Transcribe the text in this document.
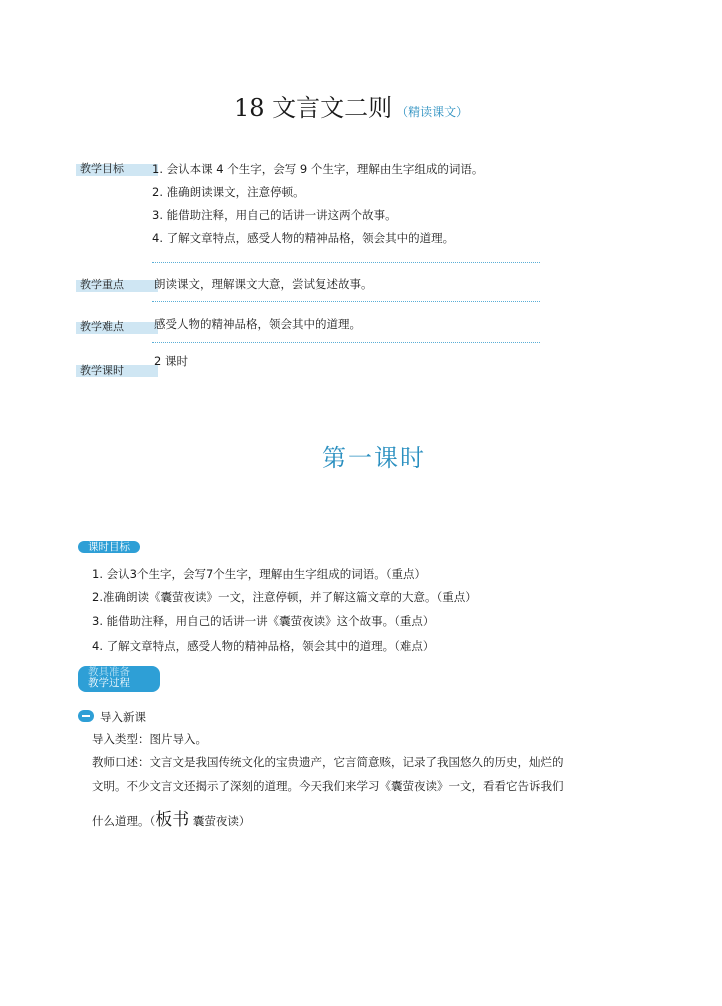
18 文言文二则 （精读课文）
教学目标 1. 会认本课 4 个生字，会写 9 个生字，理解由生字组成的词语。
2. 准确朗读课文，注意停顿。
3. 能借助注释，用自己的话讲一讲这两个故事。
4. 了解文章特点，感受人物的精神品格，领会其中的道理。
教学重点	朗读课文，理解课文大意，尝试复述故事。
教学难点	感受人物的精神品格，领会其中的道理。
教学课时
2 课时
第一课时
课时目标
1. 会认3个生字，会写7个生字，理解由生字组成的词语。（重点）
2.准确朗读《囊萤夜读》一文，注意停顿，并了解这篇文章的大意。（重点）
3. 能借助注释，用自己的话讲一讲《囊萤夜读》这个故事。（重点）
4. 了解文章特点，感受人物的精神品格，领会其中的道理。（难点）
教具准备
教学过程
导入新课
导入类型：图片导入。
教师口述：文言文是我国传统文化的宝贵遗产，它言简意赅，记录了我国悠久的历史，灿烂的
文明。不少文言文还揭示了深刻的道理。今天我们来学习《囊萤夜读》一文，看看它告诉我们
什么道理。（板书 囊萤夜读）
